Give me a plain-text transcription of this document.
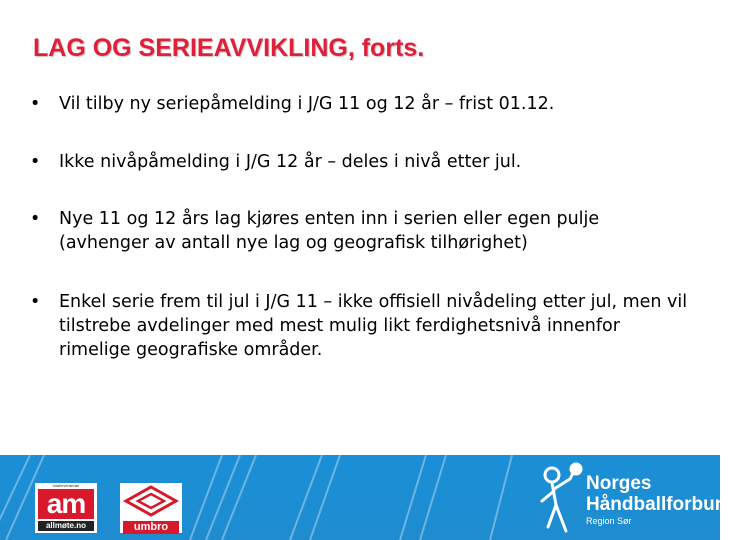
LAG OG SERIEAVVIKLING, forts.
•	Vil tilby ny seriepåmelding i J/G 11 og 12 år – frist 01.12.
•	Ikke nivåpåmelding i J/G 12 år – deles i nivå etter jul.
•	Nye 11 og 12 års lag kjøres enten inn i serien eller egen pulje (avhenger av antall nye lag og geografisk tilhørighet)
•	Enkel serie frem til jul i J/G 11 – ikke offisiell nivådeling etter jul, men vil tilstrebe avdelinger med mest mulig likt ferdighetsnivå innenfor rimelige geografiske områder.
totalleverandør
am
allmøte.no	umbro
Norges
Håndballforbund
Region Sør
